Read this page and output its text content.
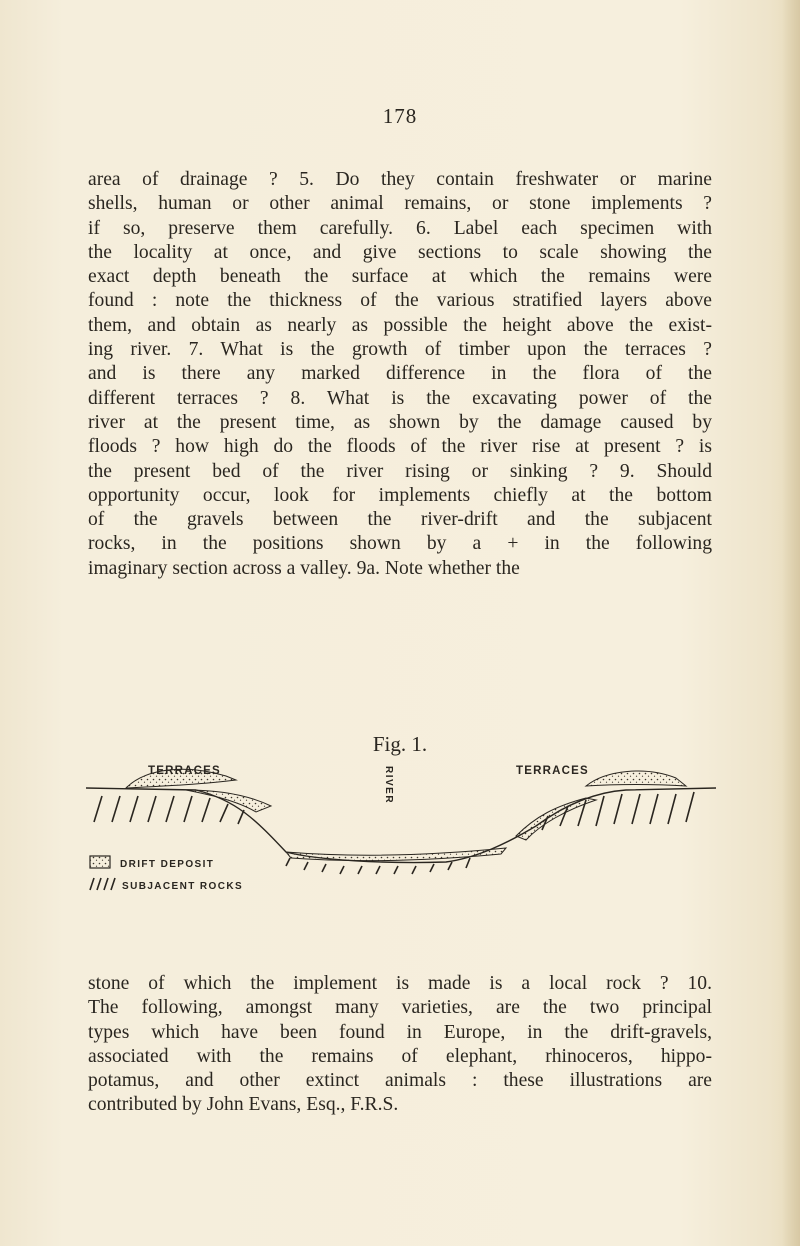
178
area of drainage ? 5. Do they contain freshwater or marine
shells, human or other animal remains, or stone implements ?
if so, preserve them carefully. 6. Label each specimen with
the locality at once, and give sections to scale showing the
exact depth beneath the surface at which the remains were
found : note the thickness of the various stratified layers above
them, and obtain as nearly as possible the height above the exist-
ing river. 7. What is the growth of timber upon the terraces ?
and is there any marked difference in the flora of the
different terraces ? 8. What is the excavating power of the
river at the present time, as shown by the damage caused by
floods ? how high do the floods of the river rise at present ? is
the present bed of the river rising or sinking ? 9. Should
opportunity occur, look for implements chiefly at the bottom
of the gravels between the river-drift and the subjacent
rocks, in the positions shown by a + in the following
imaginary section across a valley. 9a. Note whether the
Fig. 1.
TERRACES	TERRACES
RIVER
DRIFT DEPOSIT
SUBJACENT ROCKS
stone of which the implement is made is a local rock ? 10.
The following, amongst many varieties, are the two principal
types which have been found in Europe, in the drift-gravels,
associated with the remains of elephant, rhinoceros, hippo-
potamus, and other extinct animals : these illustrations are
contributed by John Evans, Esq., F.R.S.
